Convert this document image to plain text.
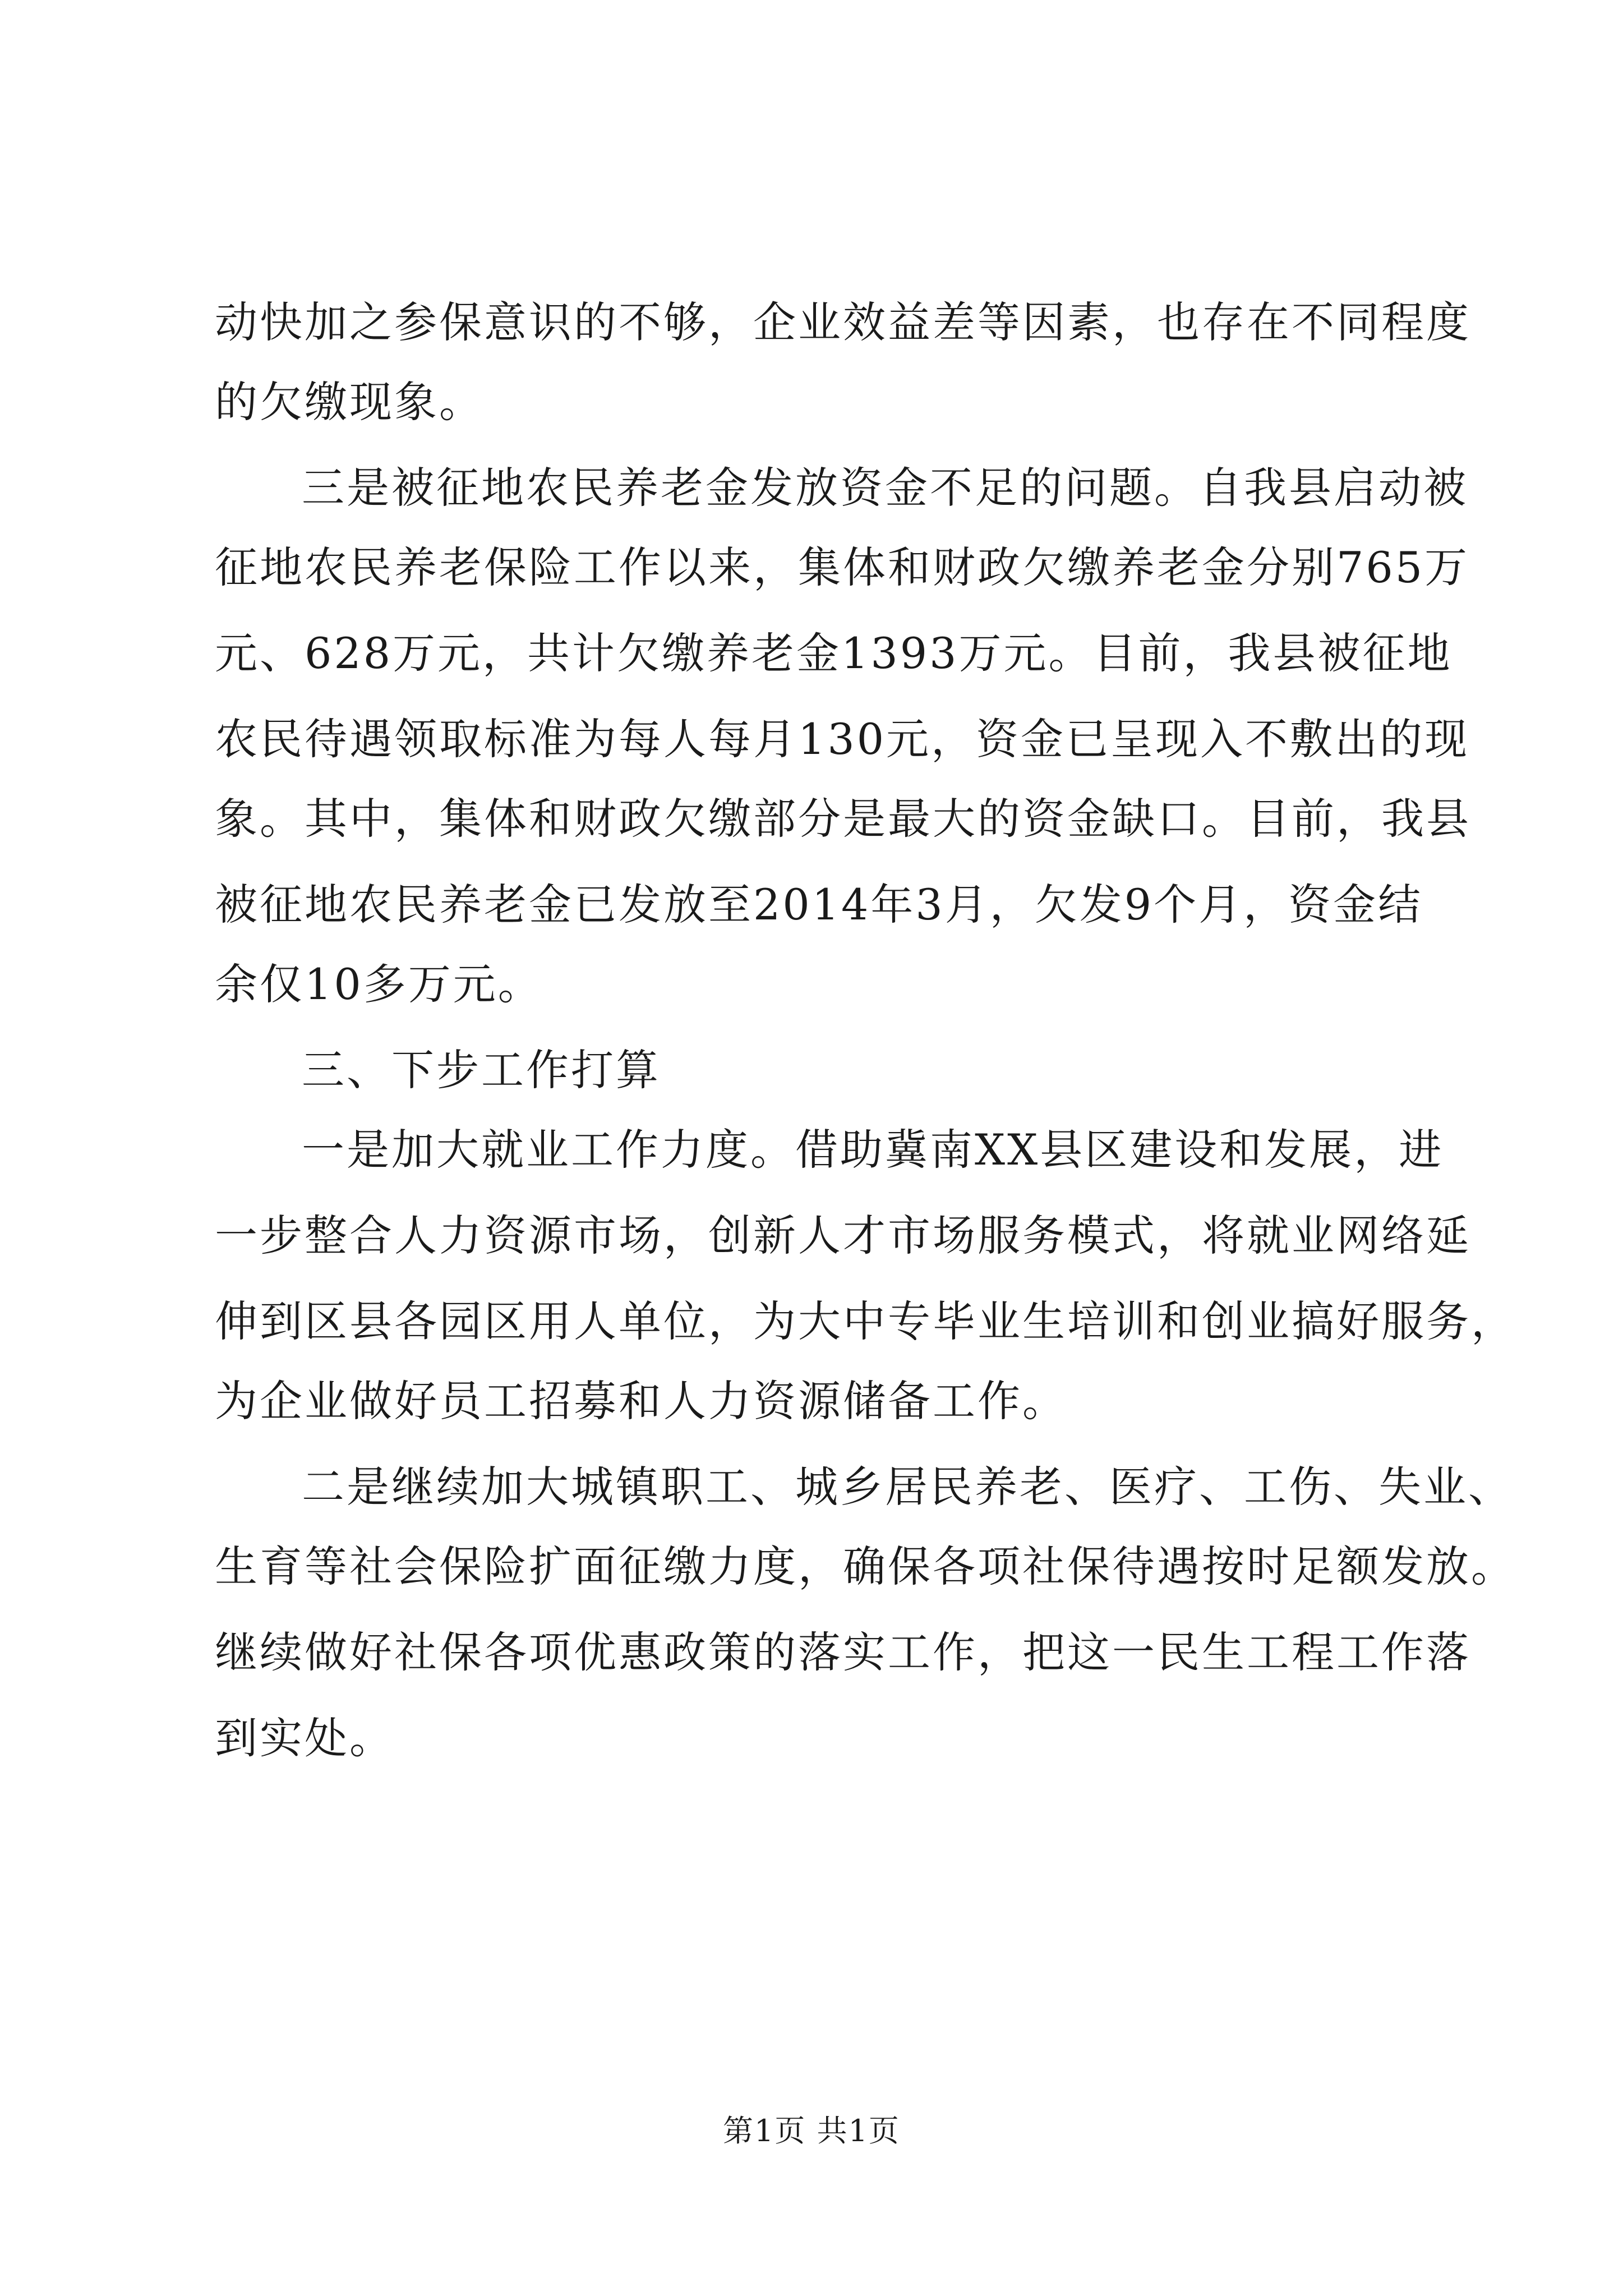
动快加之参保意识的不够，企业效益差等因素，也存在不同程度
的欠缴现象。
三是被征地农民养老金发放资金不足的问题。自我县启动被
征地农民养老保险工作以来，集体和财政欠缴养老金分别765万
元、628万元，共计欠缴养老金1393万元。目前，我县被征地
农民待遇领取标准为每人每月130元，资金已呈现入不敷出的现
象。其中，集体和财政欠缴部分是最大的资金缺口。目前，我县
被征地农民养老金已发放至2014年3月，欠发9个月，资金结
余仅10多万元。
三、下步工作打算
一是加大就业工作力度。借助冀南XX县区建设和发展，进
一步整合人力资源市场，创新人才市场服务模式，将就业网络延
伸到区县各园区用人单位，为大中专毕业生培训和创业搞好服务，
为企业做好员工招募和人力资源储备工作。
二是继续加大城镇职工、城乡居民养老、医疗、工伤、失业、
生育等社会保险扩面征缴力度，确保各项社保待遇按时足额发放。
继续做好社保各项优惠政策的落实工作，把这一民生工程工作落
到实处。
第1页 共1页
